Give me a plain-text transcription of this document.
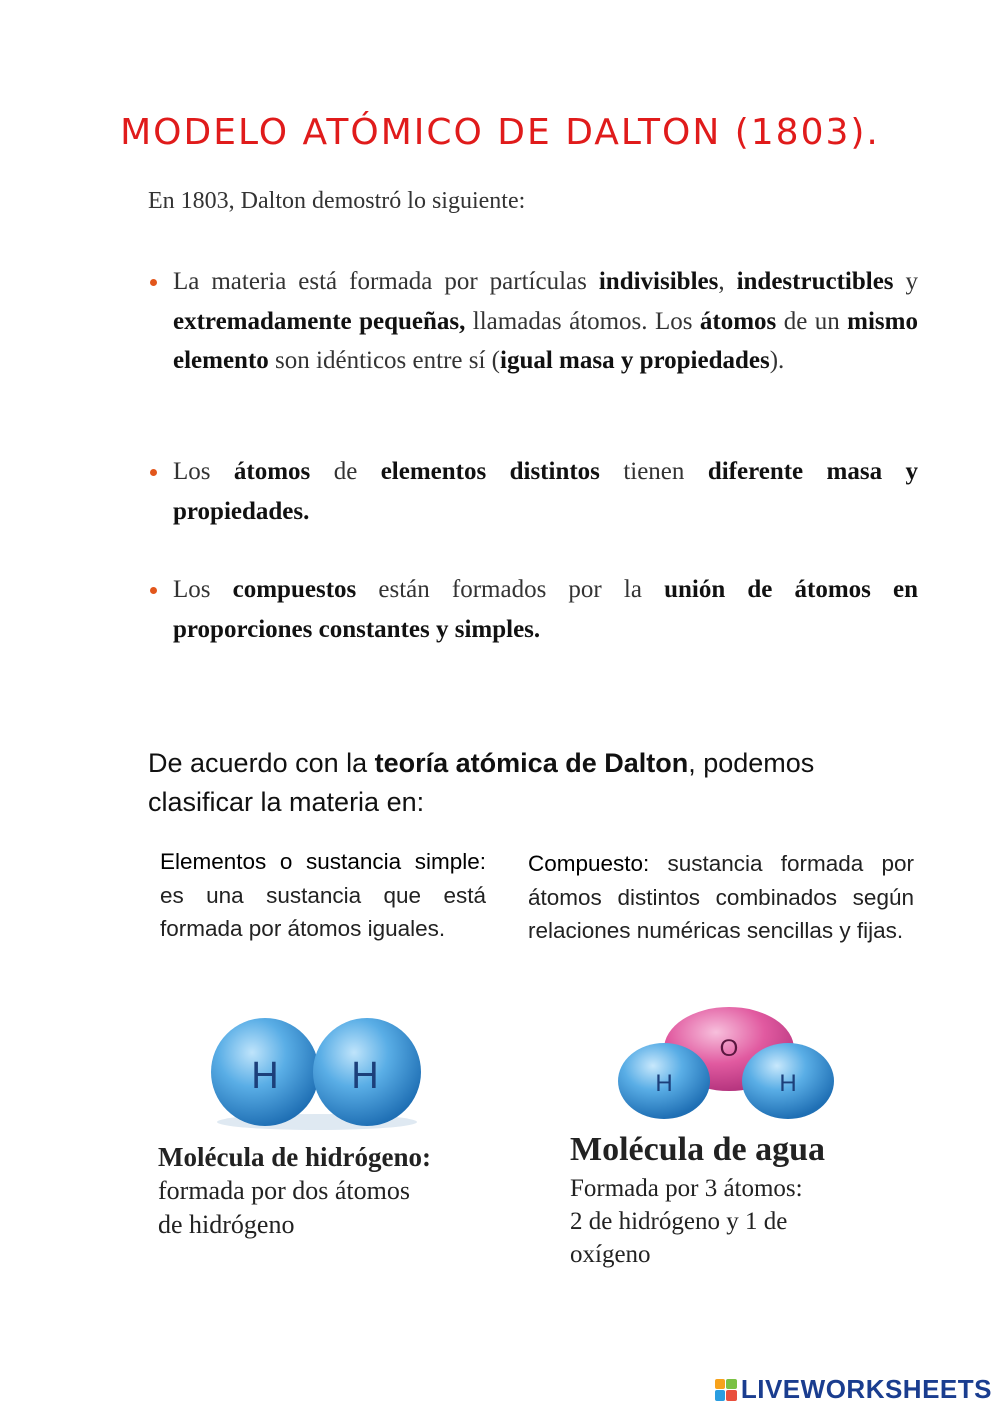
MODELO ATÓMICO DE DALTON (1803).
En 1803, Dalton demostró lo siguiente:
La materia está formada por partículas indivisibles, indestructibles y extremadamente pequeñas, llamadas átomos. Los átomos de un mismo elemento son idénticos entre sí (igual masa y propiedades).
Los átomos de elementos distintos tienen diferente masa y propiedades.
Los compuestos están formados por la unión de átomos en proporciones constantes y simples.
De acuerdo con la teoría atómica de Dalton, podemos clasificar la materia en:
Elementos o sustancia simple: es una sustancia que está formada por átomos iguales.
Compuesto: sustancia formada por átomos distintos combinados según relaciones numéricas sencillas y fijas.
H H
O
H	H
Molécula de hidrógeno:
formada por dos átomos
de hidrógeno
Molécula de agua
Formada por 3 átomos:
2 de hidrógeno y 1 de
oxígeno
LIVEWORKSHEETS
